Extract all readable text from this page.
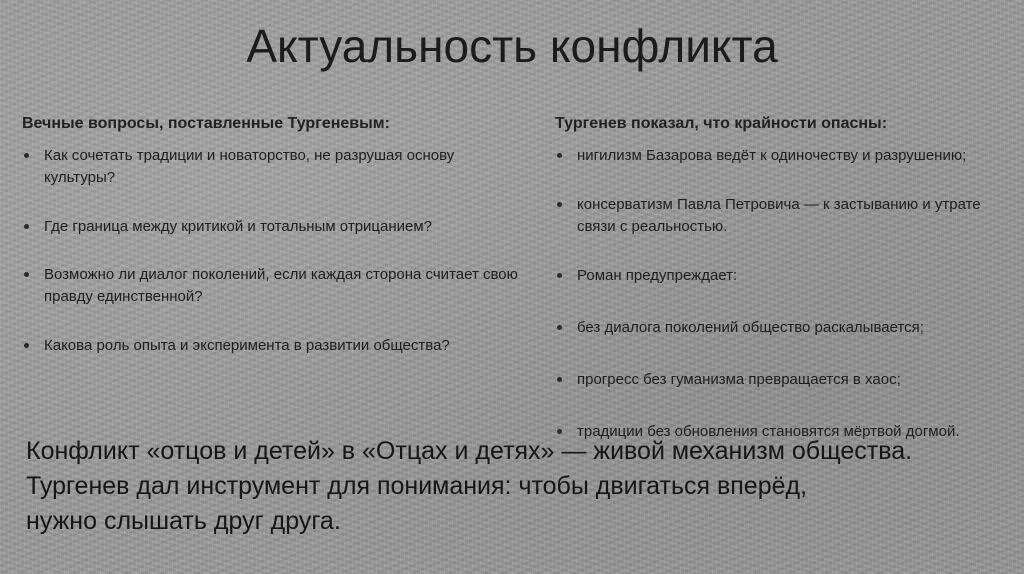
Актуальность конфликта
Вечные вопросы, поставленные Тургеневым:
Как сочетать традиции и новаторство, не разрушая основу культуры?
Где граница между критикой и тотальным отрицанием?
Возможно ли диалог поколений, если каждая сторона считает свою правду единственной?
Какова роль опыта и эксперимента в развитии общества?
Тургенев показал, что крайности опасны:
нигилизм Базарова ведёт к одиночеству и разрушению;
консерватизм Павла Петровича — к застыванию и утрате связи с реальностью.
Роман предупреждает:
без диалога поколений общество раскалывается;
прогресс без гуманизма превращается в хаос;
традиции без обновления становятся мёртвой догмой.

Конфликт «отцов и детей» в «Отцах и детях» — живой механизм общества.

Тургенев дал инструмент для понимания: чтобы двигаться вперёд,

нужно слышать друг друга.
